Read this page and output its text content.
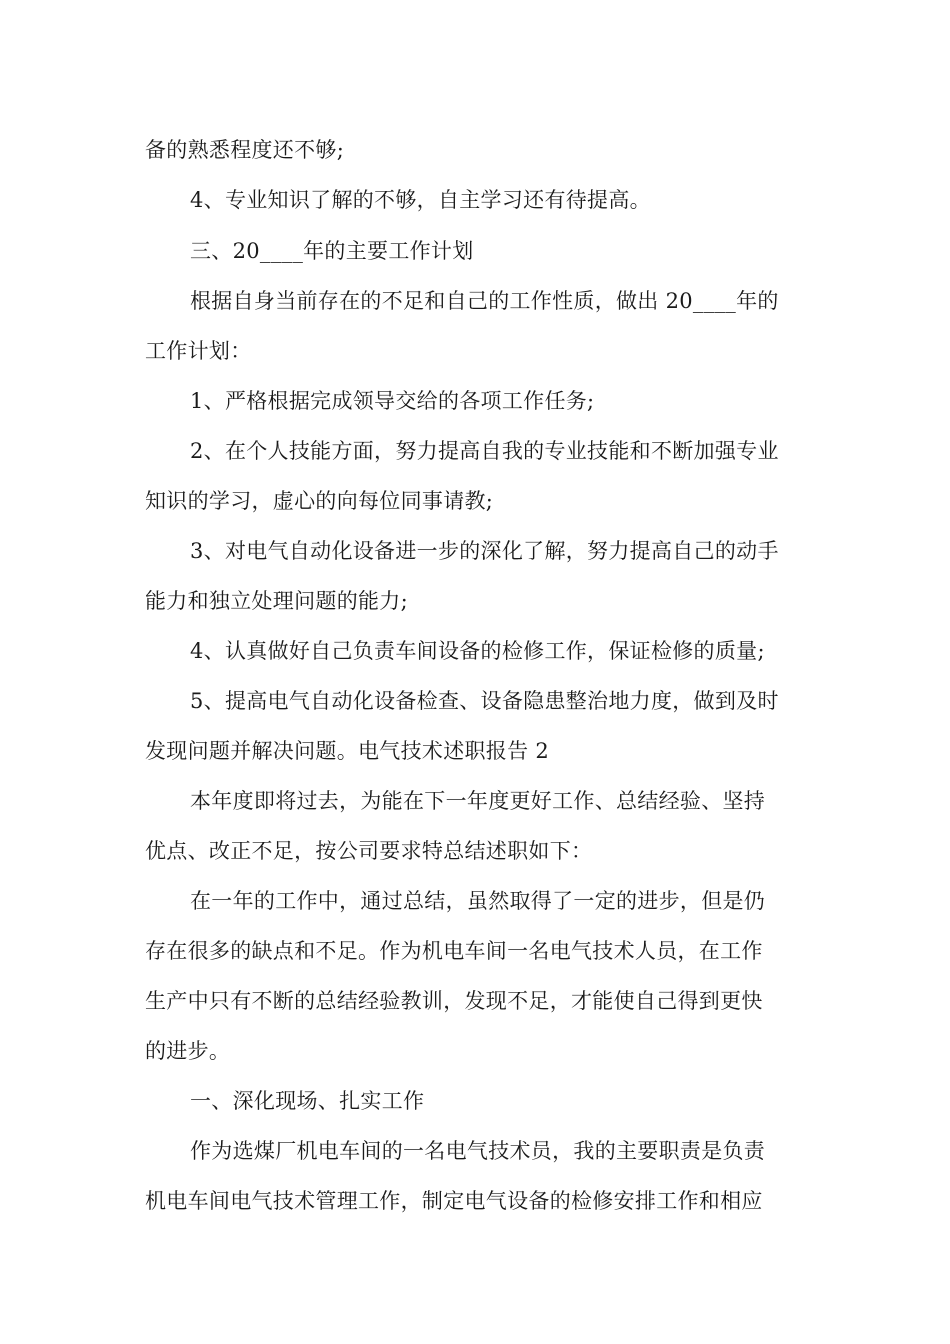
备的熟悉程度还不够;
4、专业知识了解的不够，自主学习还有待提高。
三、20____年的主要工作计划
根据自身当前存在的不足和自己的工作性质，做出 20____年的
工作计划：
1、严格根据完成领导交给的各项工作任务;
2、在个人技能方面，努力提高自我的专业技能和不断加强专业
知识的学习，虚心的向每位同事请教;
3、对电气自动化设备进一步的深化了解，努力提高自己的动手
能力和独立处理问题的能力;
4、认真做好自己负责车间设备的检修工作，保证检修的质量;
5、提高电气自动化设备检查、设备隐患整治地力度，做到及时
发现问题并解决问题。电气技术述职报告 2
本年度即将过去，为能在下一年度更好工作、总结经验、坚持
优点、改正不足，按公司要求特总结述职如下：
在一年的工作中，通过总结，虽然取得了一定的进步，但是仍
存在很多的缺点和不足。作为机电车间一名电气技术人员，在工作
生产中只有不断的总结经验教训，发现不足，才能使自己得到更快
的进步。
一、深化现场、扎实工作
作为选煤厂机电车间的一名电气技术员，我的主要职责是负责
机电车间电气技术管理工作，制定电气设备的检修安排工作和相应
